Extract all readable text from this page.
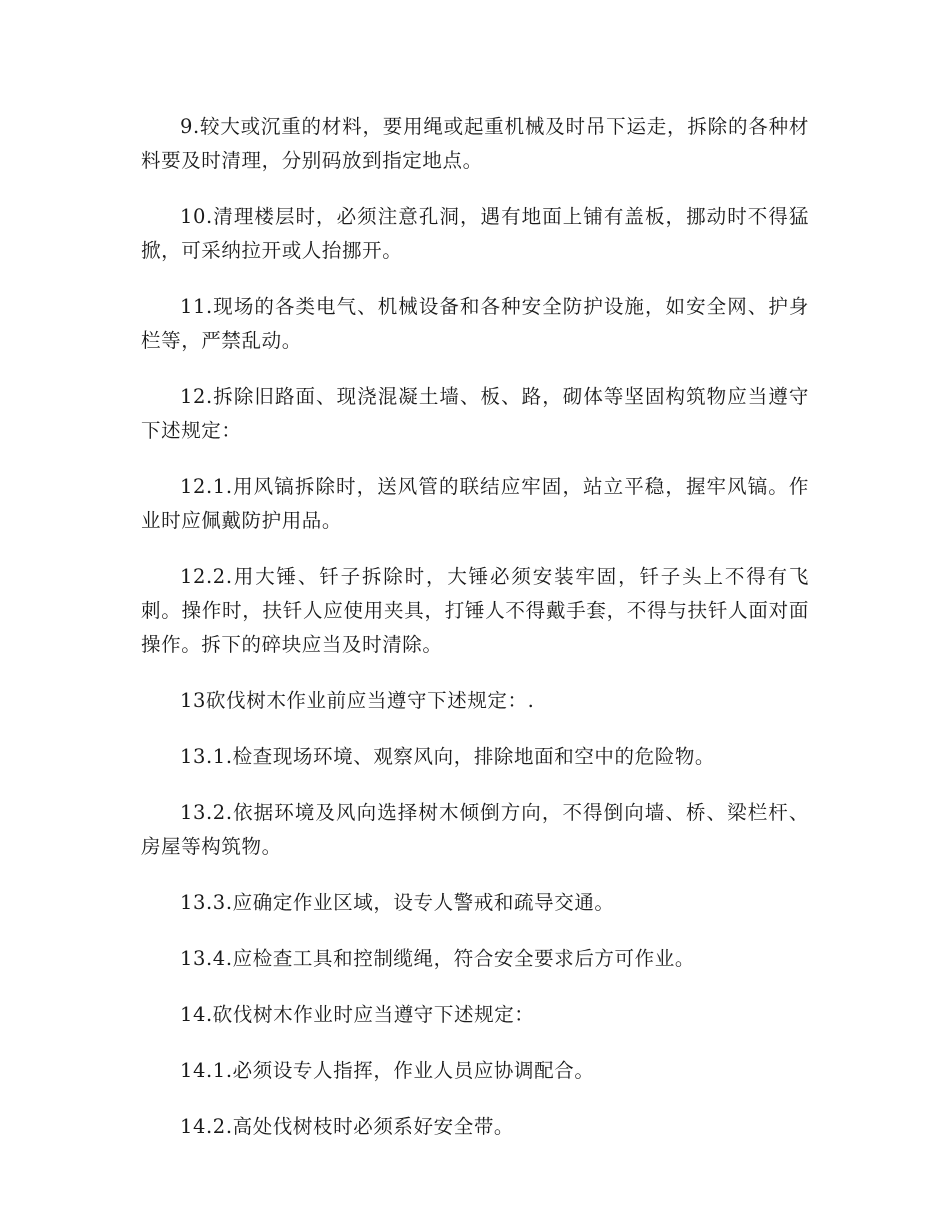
9.较大或沉重的材料，要用绳或起重机械及时吊下运走，拆除的各种材料要及时清理，分别码放到指定地点。

10.清理楼层时，必须注意孔洞，遇有地面上铺有盖板，挪动时不得猛掀，可采纳拉开或人抬挪开。

11.现场的各类电气、机械设备和各种安全防护设施，如安全网、护身栏等，严禁乱动。

12.拆除旧路面、现浇混凝土墙、板、路，砌体等坚固构筑物应当遵守下述规定：

12.1.用风镐拆除时，送风管的联结应牢固，站立平稳，握牢风镐。作业时应佩戴防护用品。

12.2.用大锤、钎子拆除时，大锤必须安装牢固，钎子头上不得有飞刺。操作时，扶钎人应使用夹具，打锤人不得戴手套，不得与扶钎人面对面操作。拆下的碎块应当及时清除。

13砍伐树木作业前应当遵守下述规定：.

13.1.检查现场环境、观察风向，排除地面和空中的危险物。

13.2.依据环境及风向选择树木倾倒方向，不得倒向墙、桥、梁栏杆、房屋等构筑物。

13.3.应确定作业区域，设专人警戒和疏导交通。

13.4.应检查工具和控制缆绳，符合安全要求后方可作业。

14.砍伐树木作业时应当遵守下述规定：

14.1.必须设专人指挥，作业人员应协调配合。

14.2.高处伐树枝时必须系好安全带。
